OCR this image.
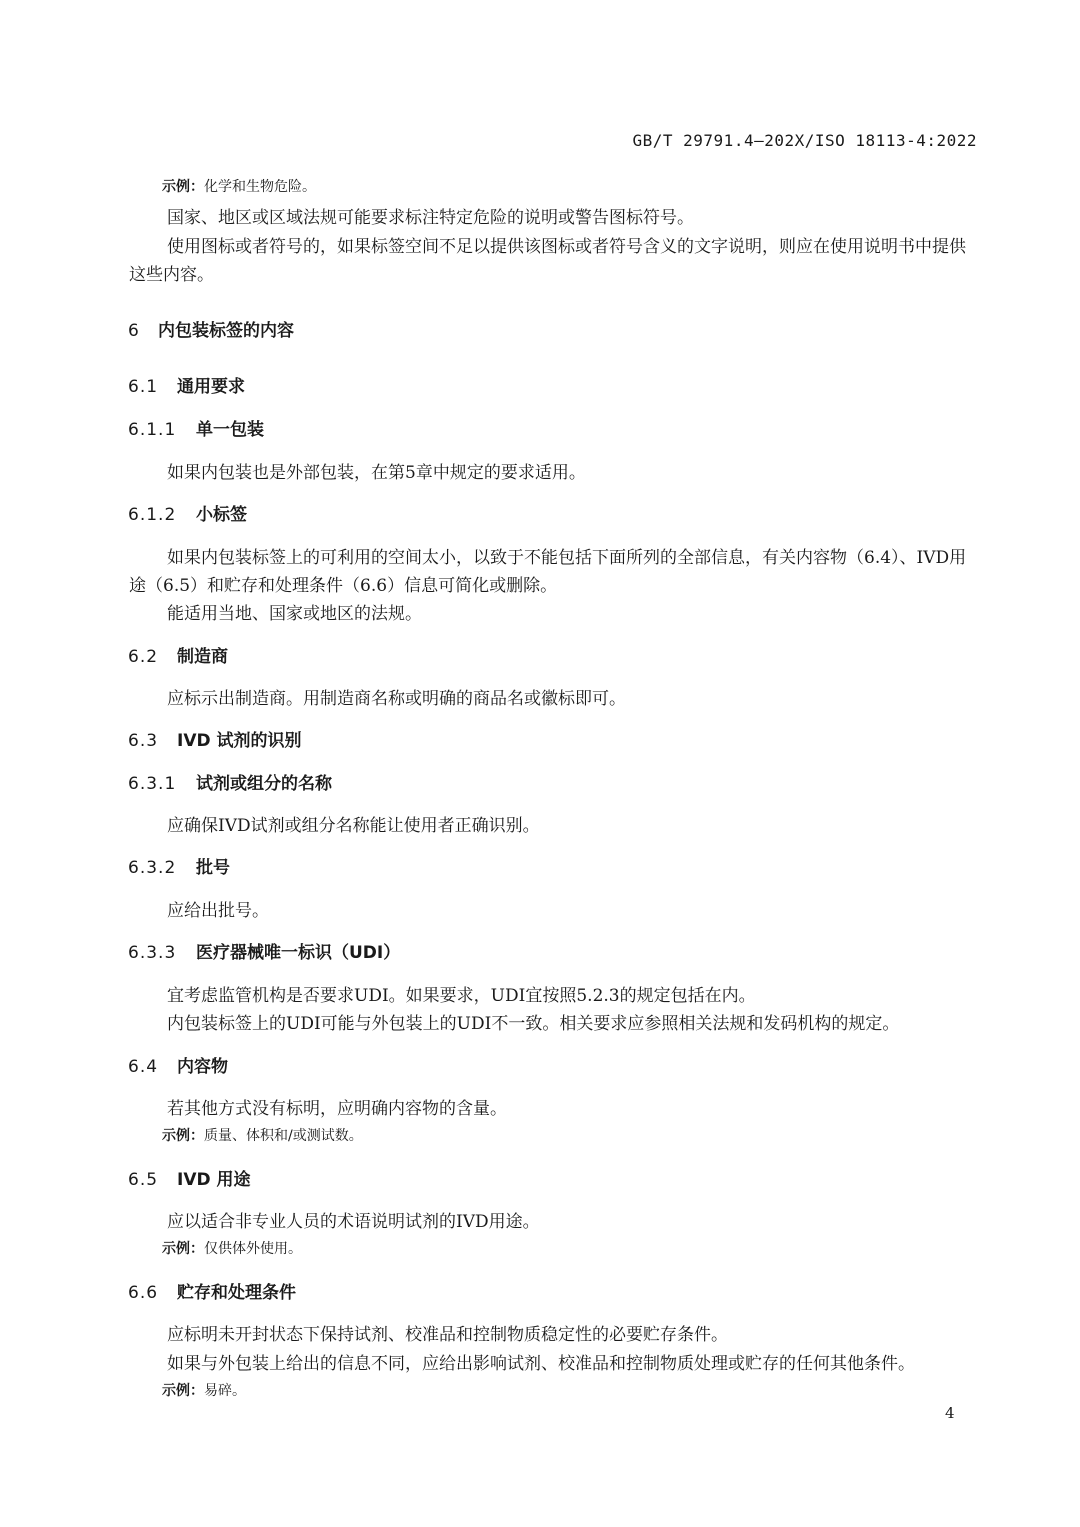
GB/T 29791.4—202X/ISO 18113-4:2022
示例：化学和生物危险。
国家、地区或区域法规可能要求标注特定危险的说明或警告图标符号。
使用图标或者符号的，如果标签空间不足以提供该图标或者符号含义的文字说明，则应在使用说明书中提供这些内容。
6 内包装标签的内容
6.1 通用要求
6.1.1 单一包装
如果内包装也是外部包装，在第5章中规定的要求适用。
6.1.2 小标签
如果内包装标签上的可利用的空间太小，以致于不能包括下面所列的全部信息，有关内容物（6.4）、IVD用途（6.5）和贮存和处理条件（6.6）信息可简化或删除。
能适用当地、国家或地区的法规。
6.2 制造商
应标示出制造商。用制造商名称或明确的商品名或徽标即可。
6.3 IVD 试剂的识别
6.3.1 试剂或组分的名称
应确保IVD试剂或组分名称能让使用者正确识别。
6.3.2 批号
应给出批号。
6.3.3 医疗器械唯一标识（UDI）
宜考虑监管机构是否要求UDI。如果要求，UDI宜按照5.2.3的规定包括在内。
内包装标签上的UDI可能与外包装上的UDI不一致。相关要求应参照相关法规和发码机构的规定。
6.4 内容物
若其他方式没有标明，应明确内容物的含量。
示例：质量、体积和/或测试数。
6.5 IVD 用途
应以适合非专业人员的术语说明试剂的IVD用途。
示例：仅供体外使用。
6.6 贮存和处理条件
应标明未开封状态下保持试剂、校准品和控制物质稳定性的必要贮存条件。
如果与外包装上给出的信息不同，应给出影响试剂、校准品和控制物质处理或贮存的任何其他条件。
示例：易碎。
4
